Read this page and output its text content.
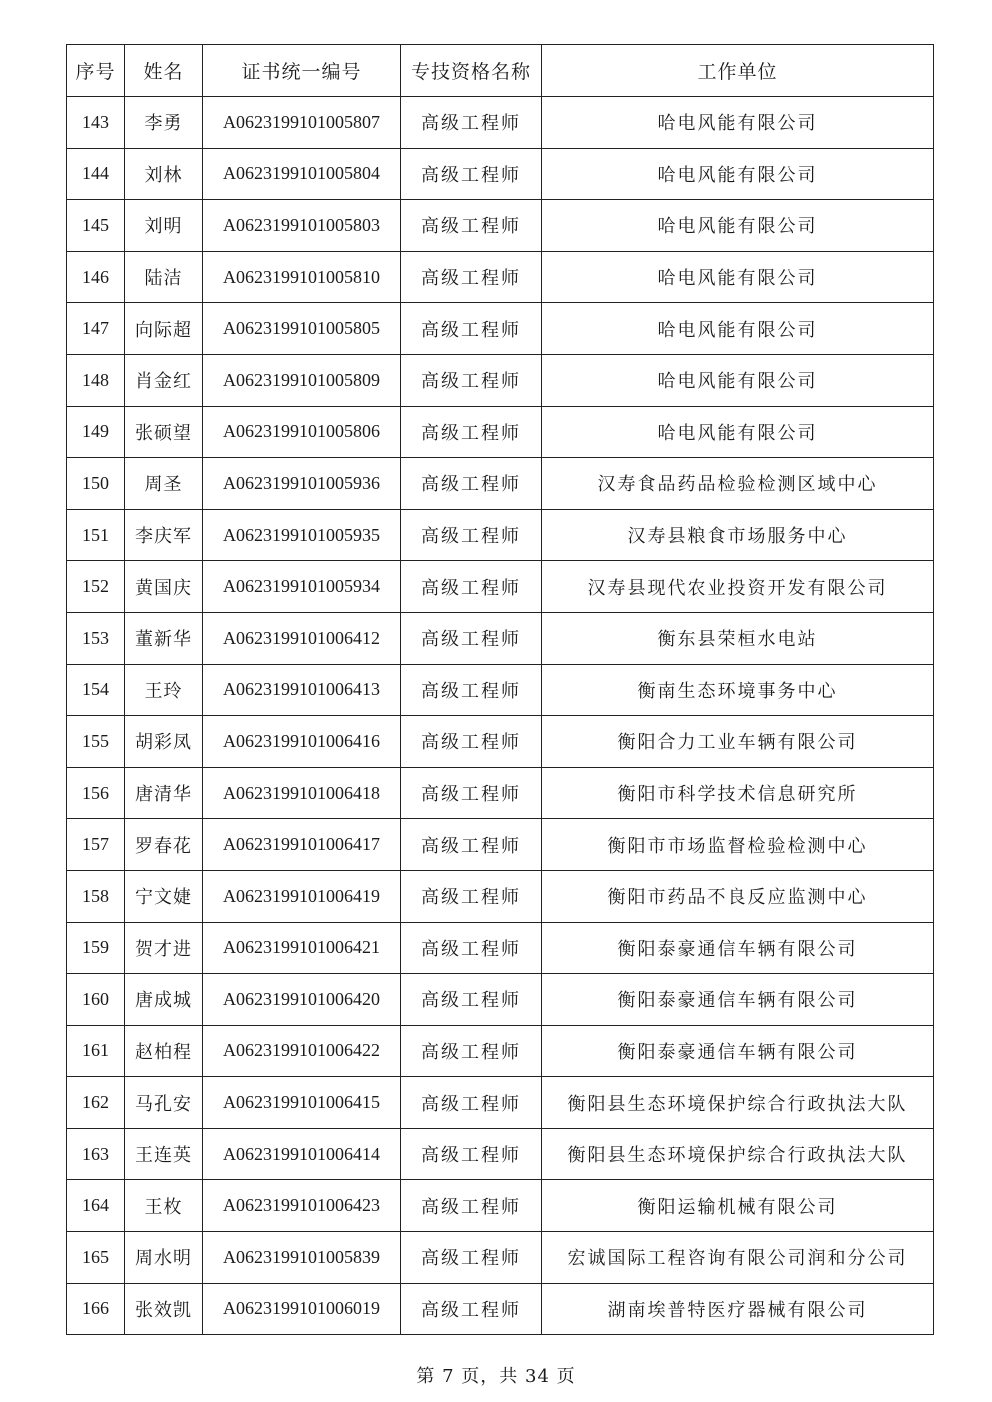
序号	姓名	证书统一编号	专技资格名称	工作单位
143	李勇	A0623199101005807	高级工程师	哈电风能有限公司
144	刘林	A0623199101005804	高级工程师	哈电风能有限公司
145	刘明	A0623199101005803	高级工程师	哈电风能有限公司
146	陆洁	A0623199101005810	高级工程师	哈电风能有限公司
147	向际超	A0623199101005805	高级工程师	哈电风能有限公司
148	肖金红	A0623199101005809	高级工程师	哈电风能有限公司
149	张硕望	A0623199101005806	高级工程师	哈电风能有限公司
150	周圣	A0623199101005936	高级工程师	汉寿食品药品检验检测区域中心
151	李庆军	A0623199101005935	高级工程师	汉寿县粮食市场服务中心
152	黄国庆	A0623199101005934	高级工程师	汉寿县现代农业投资开发有限公司
153	董新华	A0623199101006412	高级工程师	衡东县荣桓水电站
154	王玲	A0623199101006413	高级工程师	衡南生态环境事务中心
155	胡彩凤	A0623199101006416	高级工程师	衡阳合力工业车辆有限公司
156	唐清华	A0623199101006418	高级工程师	衡阳市科学技术信息研究所
157	罗春花	A0623199101006417	高级工程师	衡阳市市场监督检验检测中心
158	宁文婕	A0623199101006419	高级工程师	衡阳市药品不良反应监测中心
159	贺才进	A0623199101006421	高级工程师	衡阳泰豪通信车辆有限公司
160	唐成城	A0623199101006420	高级工程师	衡阳泰豪通信车辆有限公司
161	赵柏程	A0623199101006422	高级工程师	衡阳泰豪通信车辆有限公司
162	马孔安	A0623199101006415	高级工程师	衡阳县生态环境保护综合行政执法大队
163	王连英	A0623199101006414	高级工程师	衡阳县生态环境保护综合行政执法大队
164	王枚	A0623199101006423	高级工程师	衡阳运输机械有限公司
165	周水明	A0623199101005839	高级工程师	宏诚国际工程咨询有限公司润和分公司
166	张效凯	A0623199101006019	高级工程师	湖南埃普特医疗器械有限公司
第 7 页，共 34 页
